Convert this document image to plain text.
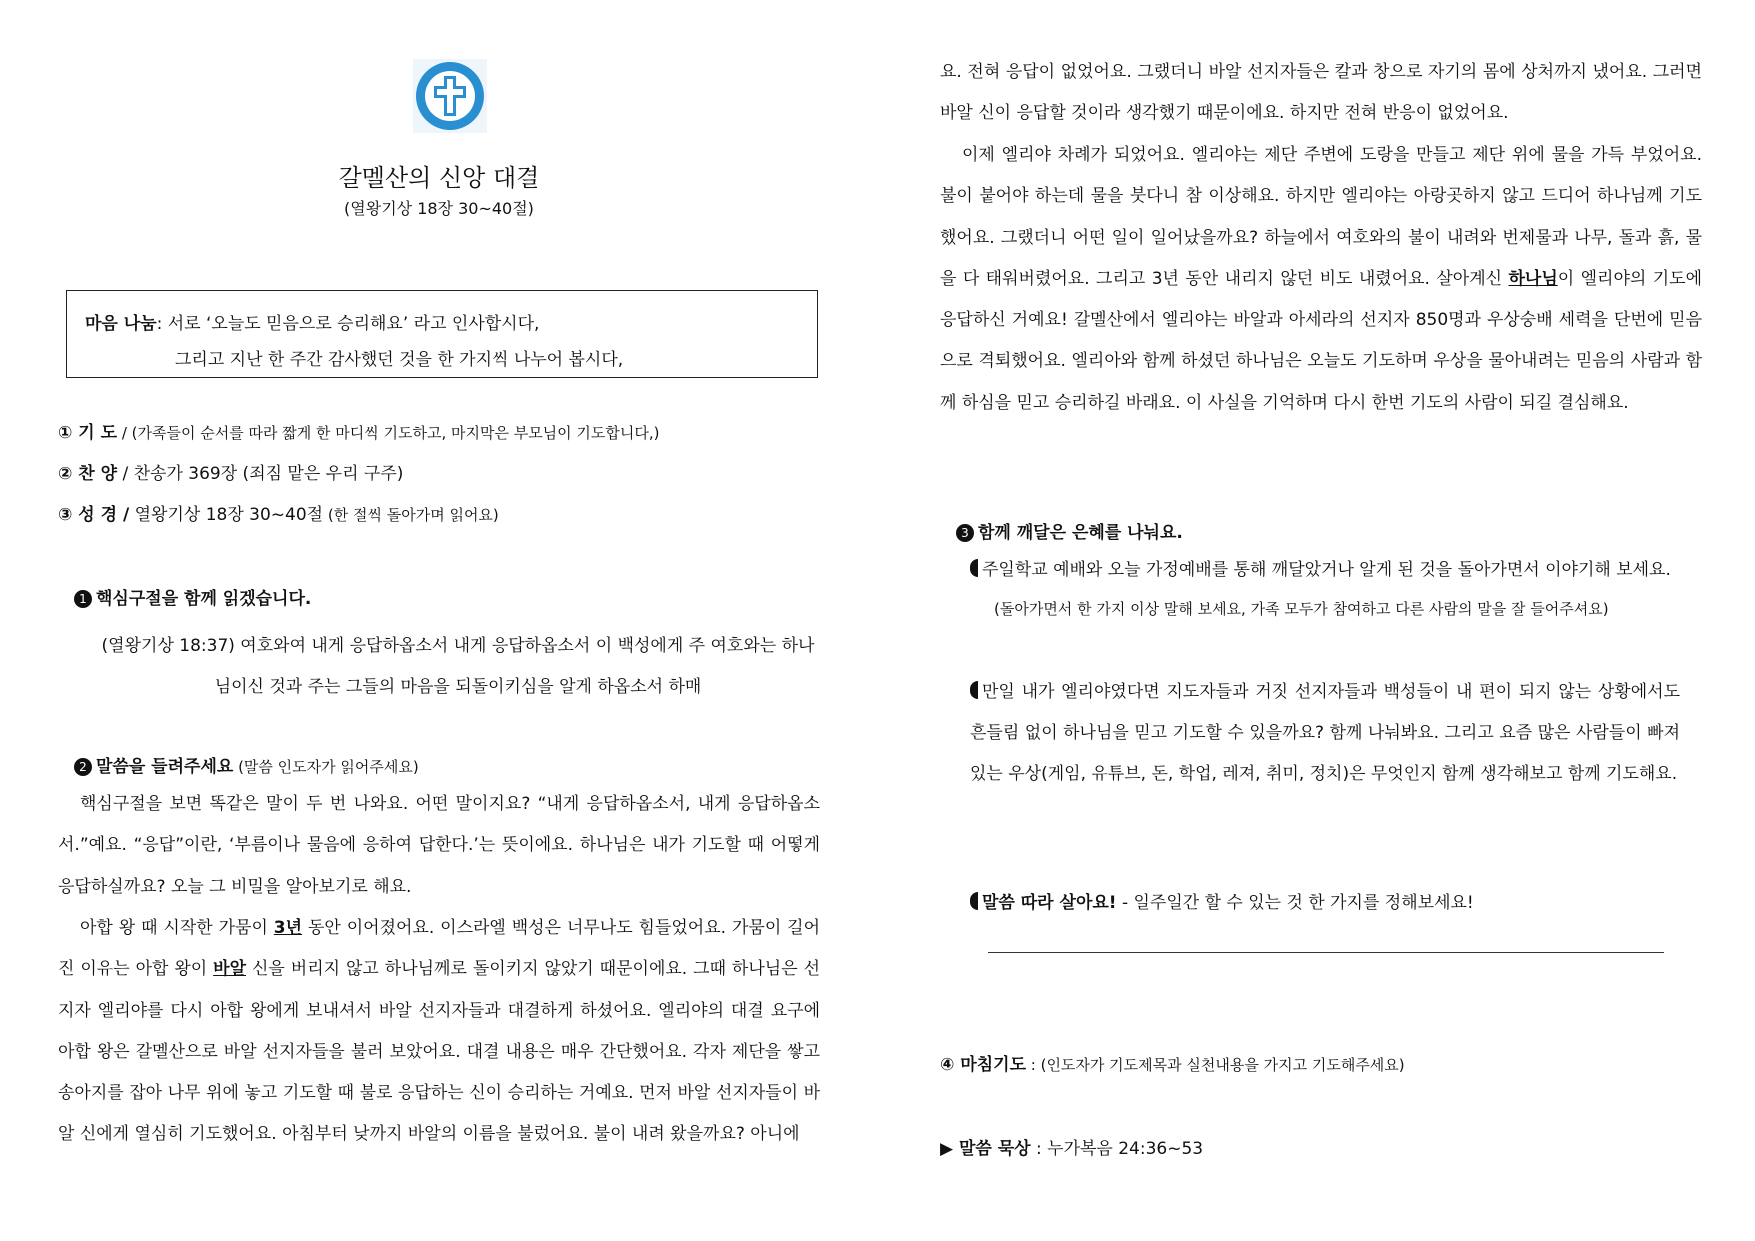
갈멜산의 신앙 대결
(열왕기상 18장 30~40절)
마음 나눔: 서로 ‘오늘도 믿음으로 승리해요’ 라고 인사합시다,
그리고 지난 한 주간 감사했던 것을 한 가지씩 나누어 봅시다,
① 기 도 / (가족들이 순서를 따라 짧게 한 마디씩 기도하고, 마지막은 부모님이 기도합니다,)
② 찬 양 / 찬송가 369장 (죄짐 맡은 우리 구주)
③ 성 경 / 열왕기상 18장 30~40절 (한 절씩 돌아가며 읽어요)
1 핵심구절을 함께 읽겠습니다.
(열왕기상 18:37) 여호와여 내게 응답하옵소서 내게 응답하옵소서 이 백성에게 주 여호와는 하나님이신 것과 주는 그들의 마음을 되돌이키심을 알게 하옵소서 하매
2 말씀을 들려주세요 (말씀 인도자가 읽어주세요)
핵심구절을 보면 똑같은 말이 두 번 나와요. 어떤 말이지요? “내게 응답하옵소서, 내게 응답하옵소서.”예요. “응답”이란, ‘부름이나 물음에 응하여 답한다.’는 뜻이에요. 하나님은 내가 기도할 때 어떻게 응답하실까요? 오늘 그 비밀을 알아보기로 해요.
아합 왕 때 시작한 가뭄이 3년 동안 이어졌어요. 이스라엘 백성은 너무나도 힘들었어요. 가뭄이 길어진 이유는 아합 왕이 바알 신을 버리지 않고 하나님께로 돌이키지 않았기 때문이에요. 그때 하나님은 선지자 엘리야를 다시 아합 왕에게 보내셔서 바알 선지자들과 대결하게 하셨어요. 엘리야의 대결 요구에 아합 왕은 갈멜산으로 바알 선지자들을 불러 보았어요. 대결 내용은 매우 간단했어요. 각자 제단을 쌓고 송아지를 잡아 나무 위에 놓고 기도할 때 불로 응답하는 신이 승리하는 거예요. 먼저 바알 선지자들이 바알 신에게 열심히 기도했어요. 아침부터 낮까지 바알의 이름을 불렀어요. 불이 내려 왔을까요? 아니에
요. 전혀 응답이 없었어요. 그랬더니 바알 선지자들은 칼과 창으로 자기의 몸에 상처까지 냈어요. 그러면 바알 신이 응답할 것이라 생각했기 때문이에요. 하지만 전혀 반응이 없었어요.
이제 엘리야 차례가 되었어요. 엘리야는 제단 주변에 도랑을 만들고 제단 위에 물을 가득 부었어요. 불이 붙어야 하는데 물을 붓다니 참 이상해요. 하지만 엘리야는 아랑곳하지 않고 드디어 하나님께 기도했어요. 그랬더니 어떤 일이 일어났을까요? 하늘에서 여호와의 불이 내려와 번제물과 나무, 돌과 흙, 물을 다 태워버렸어요. 그리고 3년 동안 내리지 않던 비도 내렸어요. 살아계신 하나님이 엘리야의 기도에 응답하신 거예요! 갈멜산에서 엘리야는 바알과 아세라의 선지자 850명과 우상숭배 세력을 단번에 믿음으로 격퇴했어요. 엘리아와 함께 하셨던 하나님은 오늘도 기도하며 우상을 물아내려는 믿음의 사람과 함께 하심을 믿고 승리하길 바래요. 이 사실을 기억하며 다시 한번 기도의 사람이 되길 결심해요.
3 함께 깨달은 은혜를 나눠요.
주일학교 예배와 오늘 가정예배를 통해 깨달았거나 알게 된 것을 돌아가면서 이야기해 보세요.
(돌아가면서 한 가지 이상 말해 보세요, 가족 모두가 참여하고 다른 사람의 말을 잘 들어주셔요)
만일 내가 엘리야였다면 지도자들과 거짓 선지자들과 백성들이 내 편이 되지 않는 상황에서도 흔들림 없이 하나님을 믿고 기도할 수 있을까요? 함께 나눠봐요. 그리고 요즘 많은 사람들이 빠져있는 우상(게임, 유튜브, 돈, 학업, 레져, 취미, 정치)은 무엇인지 함께 생각해보고 함께 기도해요.
말씀 따라 살아요! - 일주일간 할 수 있는 것 한 가지를 정해보세요!
④ 마침기도 : (인도자가 기도제목과 실천내용을 가지고 기도해주세요)
▶ 말씀 묵상 : 누가복음 24:36~53
